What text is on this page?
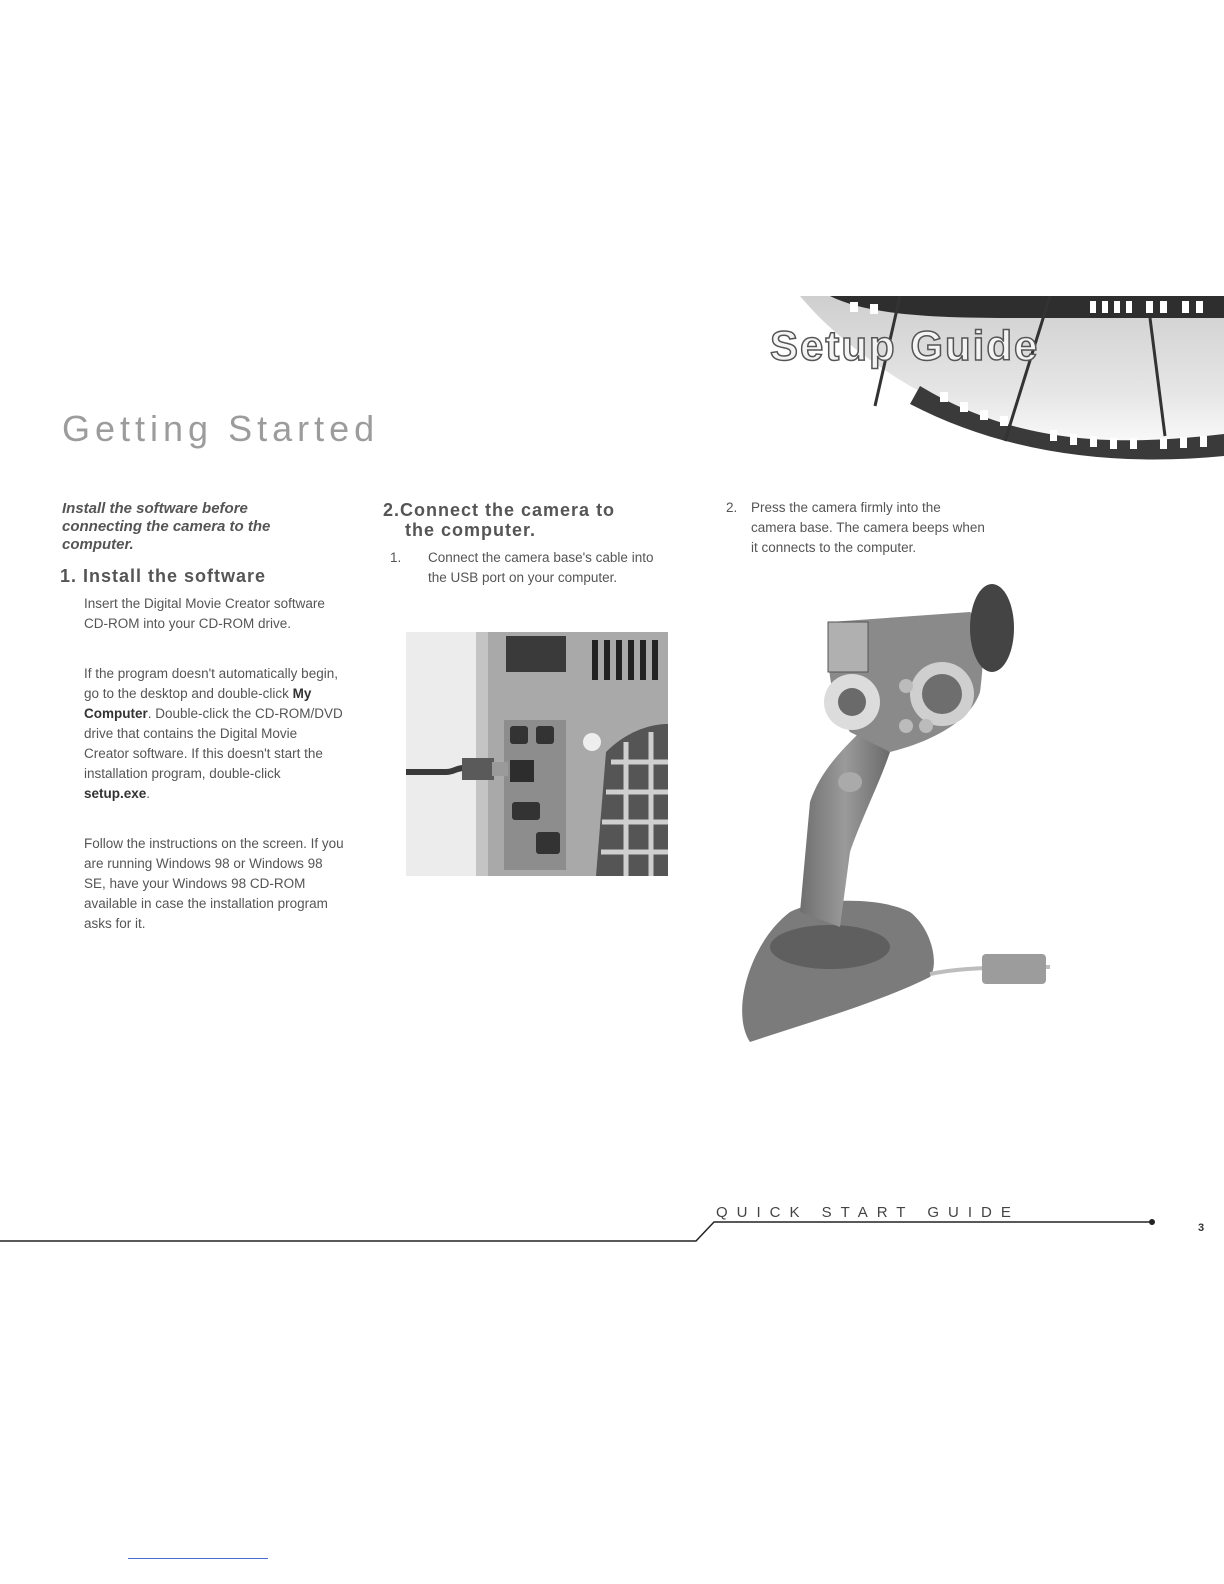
Setup Guide
Getting Started
Install the software before connecting the camera to the computer.
1. Install the software
Insert the Digital Movie Creator software CD-ROM into your CD-ROM drive.
If the program doesn't automatically begin, go to the desktop and double-click My Computer. Double-click the CD-ROM/DVD drive that contains the Digital Movie Creator software. If this doesn't start the installation program, double-click setup.exe.
Follow the instructions on the screen. If you are running Windows 98 or Windows 98 SE, have your Windows 98 CD-ROM available in case the installation program asks for it.
2.Connect the camera to
the computer.
1. Connect the camera base's cable into the USB port on your computer.
2. Press the camera firmly into the camera base. The camera beeps when it connects to the computer.
QUICK START GUIDE
3
